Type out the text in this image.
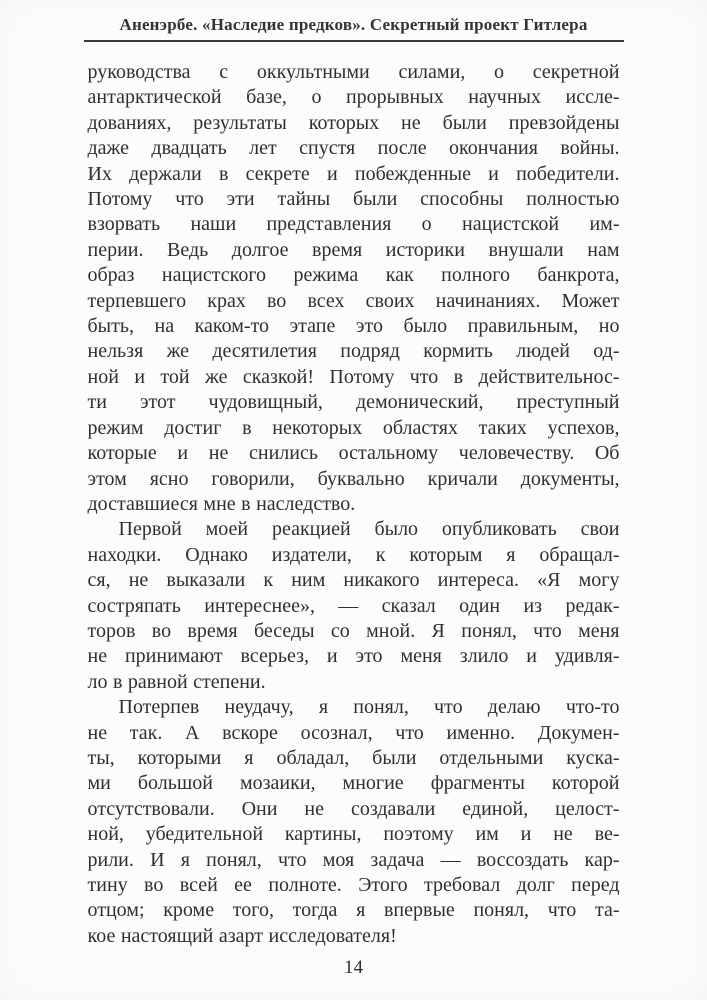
Аненэрбе. «Наследие предков». Секретный проект Гитлера
руководства с оккультными силами, о секретной
антарктической базе, о прорывных научных иссле-
дованиях, результаты которых не были превзойдены
даже двадцать лет спустя после окончания войны.
Их держали в секрете и побежденные и победители.
Потому что эти тайны были способны полностью
взорвать наши представления о нацистской им-
перии. Ведь долгое время историки внушали нам
образ нацистского режима как полного банкрота,
терпевшего крах во всех своих начинаниях. Может
быть, на каком-то этапе это было правильным, но
нельзя же десятилетия подряд кормить людей од-
ной и той же сказкой! Потому что в действительнос-
ти этот чудовищный, демонический, преступный
режим достиг в некоторых областях таких успехов,
которые и не снились остальному человечеству. Об
этом ясно говорили, буквально кричали документы,
доставшиеся мне в наследство.
Первой моей реакцией было опубликовать свои
находки. Однако издатели, к которым я обращал-
ся, не выказали к ним никакого интереса. «Я могу
состряпать интереснее», — сказал один из редак-
торов во время беседы со мной. Я понял, что меня
не принимают всерьез, и это меня злило и удивля-
ло в равной степени.
Потерпев неудачу, я понял, что делаю что-то
не так. А вскоре осознал, что именно. Докумен-
ты, которыми я обладал, были отдельными куска-
ми большой мозаики, многие фрагменты которой
отсутствовали. Они не создавали единой, целост-
ной, убедительной картины, поэтому им и не ве-
рили. И я понял, что моя задача — воссоздать кар-
тину во всей ее полноте. Этого требовал долг перед
отцом; кроме того, тогда я впервые понял, что та-
кое настоящий азарт исследователя!
14
